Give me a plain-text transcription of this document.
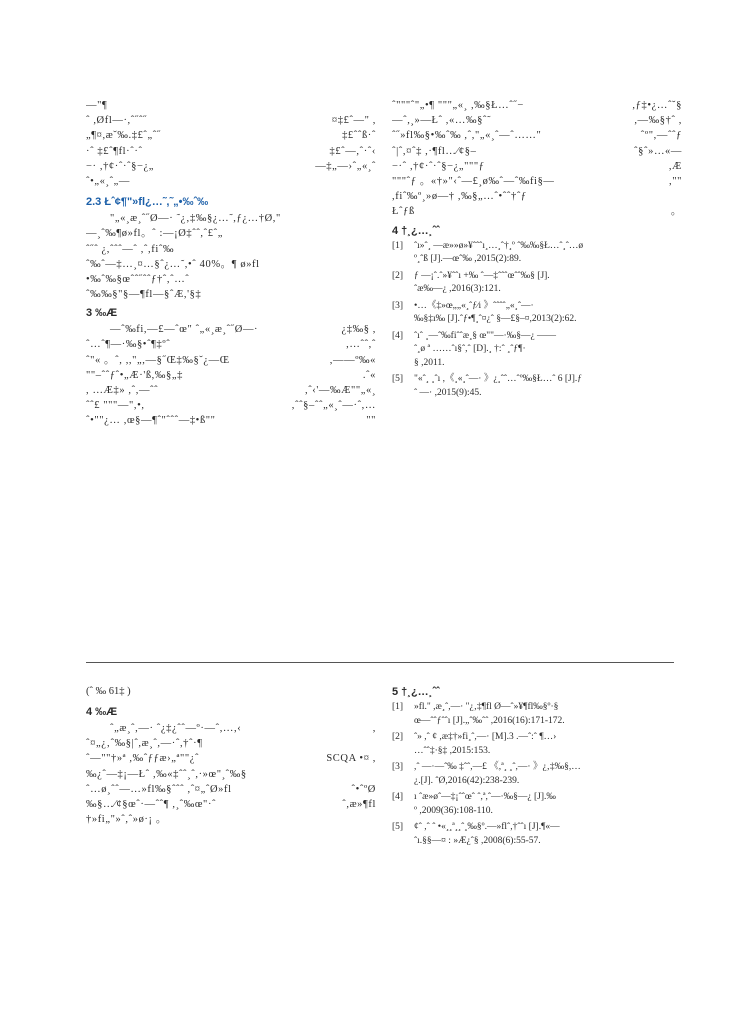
—"¶
ˆ ,Øfl—·,ˆ˝ˆ˝	¤‡£ˆ—" ,
„¶¤,æ˘‰.‡£ˆ„ˆ˝	‡£ˆˆß·ˆ
·ˆ ‡£ˆ¶fl·ˆ·ˆ	‡£ˆ—,ˆ·ˆ‹
−· ,†¢·ˆ·ˆ§−¿„	—‡„—›ˆ„«¸ˆ
ˆ•„«¸ˆ„—
2.3 Łˆ¢¶"»fl¿…˜,˜„•‰ˆ‰
"„«¸æ¸ˆ˝Ø—· ˜¿‚‡‰§¿…˜,ƒ¿…†Ø,"
—¸ˆ‰¶ø»fl。ˆ :—¡Ø‡ˆˆ,ˆ£ˆ„
ˆ˝ˆ ¿,ˆˆˆ—ˆ ,ˆ,fiˆ‰
ˆ‰ˆ—‡…¸¤…§ˆ¿…˜,•ˆ 40%。¶ ø»fl
•‰ˆ‰§œˆˆ˝ˆˆƒ†ˆ,ˆ…ˆ
ˆ‰‰§"§—¶fl—§ˆÆ,'§‡
3 ‰Æ
—ˆ‰fi,—£—ˆœ" ˆ„«¸æ¸ˆ˝Ø—·	¿‡‰§ ,
ˆ…ˆ¶—·‰§•ˆ¶‡ºˆ	,…ˆˆ,ˆ
ˆ"« 。ˆ, ,,"„,—§˝Œ‡‰§˘¿—Œ	,——º‰«
""–ˆˆƒˆ•„Æ·'ß,‰§„‡	.ˆ«
, …Æ‡» ,ˆ,—ˆˆ	,ˆ‹'—‰Æ""„«¸
ˆˆ£ """—",•,	,ˆˆ§–ˆˆ„«¸ˆ—·ˆ,…
ˆ•""¿… ,œ§—¶ˆ"ˆˆˆ—‡•ß""	""
ˆ"""ˆ"„•¶ """„«¸ ,‰§Ł…ˆ˝−	,ƒ‡•¿…ˆ˘§
—ˆ,¸»—Łˆ ,«…‰§ˆ˜	,—‰§†ˆ ,
ˆ˝»fl‰§•‰ˆ‰ ,ˆ,"„«¸ˆ—ˆ……"	ˆº",—ˆˆƒ
ˆ|ˆ,¤ˆ‡ ,·¶fl…⁄¢§–	ˆ§ˆ»…«—
−·ˆ ,†¢·ˆ·ˆ§−¿„"""ƒ	,Æ
"""ˆƒ 。«†»"‹ˆ—£¸ø‰ˆ—ˆ‰fi§—	,""
,fiˆ‰º¸»ø—† ,‰§„…ˆ•ˆˆ†ˆƒ
Łˆƒß	。
4 †¸¿…¸ˆˆ
[1] ˆı»ˆ¸ —æ»»ø»¥ˆˆˆı¸…¸ˆ†¸º ˆ‰‰§Ł…ˆ¸ˆ…ø
º¸ˆß [J].—œˆ‰ ,2015(2):89.
[2] ƒ —¡ˆ.ˆ»¥ˆˆı +‰ ˆ—‡ˆˆˆœˆˆ‰§ [J].
ˆæ‰—¿ ,2016(3):121.
[3] •…《‡»œ„„«¸ˆƒ⁄ı 》ˆˆˆˆ„«¸ˆ—·
‰§‡ı‰ [J].ˆƒ•¶¸ˆ¤¿ˆ §—£§–¤,2013(2):62.
[4] ˆıˆ ¸—ˆ‰fiˆˆæ¸§ œ""—·‰§—¿ ——
ˆ¸ø ª ……ˆı§ˆ,ˆ [D].¸ †:ˆ ¸ˆƒ¶·
§ ,2011.
[5] "«ˆ¸ ¸ˆı ,《¸«¸ˆ—· 》¿¸ˆˆ…ˆº‰§Ł…ˆ 6 [J].ƒ
ˆ —· ,2015(9):45.
(ˆ ‰ 61‡ )
4 ‰Æ
ˆ„æ¸ˆ,—· ˆ¿‡¿ˆˆ—º·—ˆ,…,‹	,
ˆ¤„¿‚ˆ‰§|ˆ,æ¸ˆ,—·ˆ,†ˆ·¶
ˆ—""†»ª ,‰ˆƒƒæ›„ª""¿ˆ	SCQA •¤ ,
‰¿ˆ—‡¡—Łˆ ,‰«‡ˆˆ¸ˆ,·»œ"¸ˆ‰§
ˆ…ø¸ˆˆ—…»fl‰§ˆˆˆ ,ˆ¤„ˆØ»fl	ˆ•ˆºØ
‰§…⁄¢§œˆ·—ˆˆ¶ ,¸ˆ‰œ"·ˆ	ˆ,æ»¶fl
†»fi„"»ˆ,ˆ»ø·¡ 。
5 †¸¿…¸ˆˆ
[1] »fl." ,æ¸ˆ,—· "¿‚‡¶fl Ø—ˆ»¥¶fl‰§º·§
œ—ˆˆƒˆˆı [J].„ˆ‰ˆˆ ,2016(16):171-172.
[2] ˆ» ,ˆ ¢ ,æ‡†»fi¸ˆ,—· [M].3 .—ˆ:ˆ ¶…›
…ˆˆ‡·§‡ ,2015:153.
[3] ,ˆ —·—ˆ‰ ‡ˆˆ,—£ 《,ª¸ ¸ˆ,—· 》¿‚‡‰§,…
¿.[J]. ˆØ,2016(42):238-239.
[4] ı ˆæ»øˆ—‡¡ˆˆœˆ ˆ,ª,ˆ—·‰§—¿ [J].‰
º ,2009(36):108-110.
[5] ¢ˆ ,ˆ ˆ •«¸¸ª¸¸ˆ¸‰§º.—»flˆ,†ˆˆı [J].¶«—
ˆı.§§—¤ : »Æ¿ˆ§ ,2008(6):55-57.
